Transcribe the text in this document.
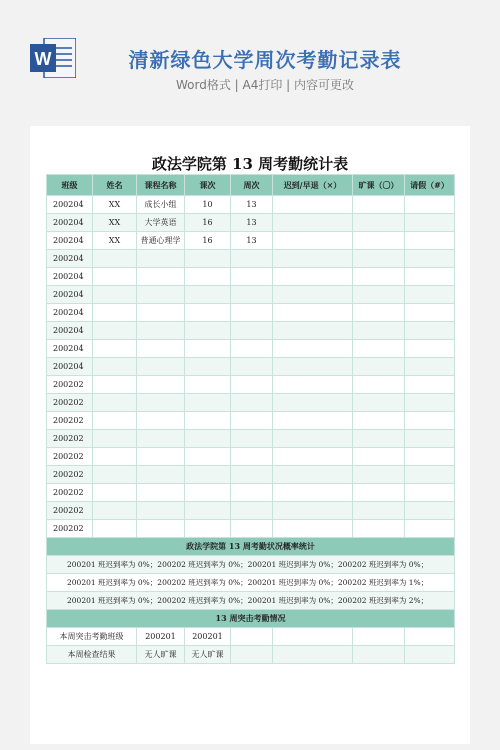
W	清新绿色大学周次考勤记录表
Word格式 | A4打印 | 内容可更改
政法学院第 13 周考勤统计表
班级	姓名	课程名称	课次	周次	迟到/早退（×）	旷课（〇）	请假（#）
200204	XX	成长小组	10	13			
200204	XX	大学英语	16	13			
200204	XX	普通心理学	16	13			
200204							
200204							
200204							
200204							
200204							
200204							
200204							
200202							
200202							
200202							
200202							
200202							
200202							
200202							
200202							
200202							
政法学院第 13 周考勤状况概率统计							
200201 班迟到率为 0%；200202 班迟到率为 0%；200201 班迟到率为 0%；200202 班迟到率为 0%；							
200201 班迟到率为 0%；200202 班迟到率为 0%；200201 班迟到率为 0%；200202 班迟到率为 1%；							
200201 班迟到率为 0%；200202 班迟到率为 0%；200201 班迟到率为 0%；200202 班迟到率为 2%；							
13 周突击考勤情况							
本周突击考勤班级		200201	200201				
本周检查结果		无人旷课	无人旷课				
